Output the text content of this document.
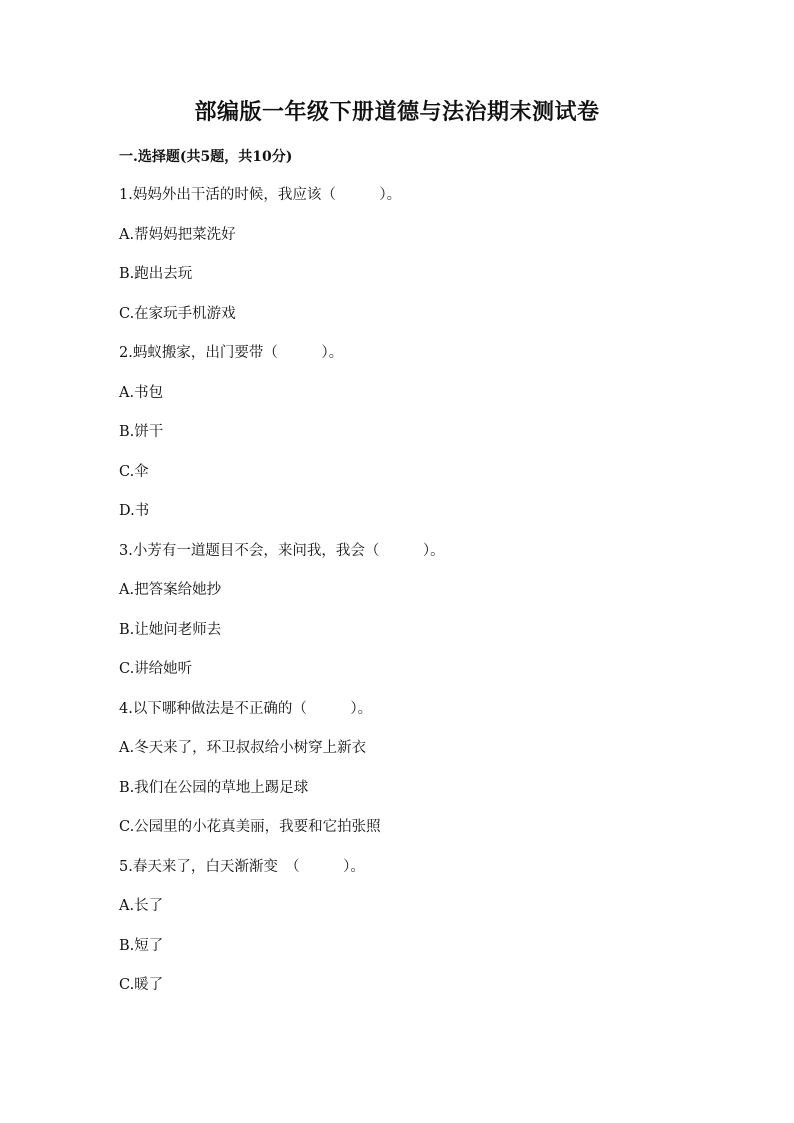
部编版一年级下册道德与法治期末测试卷
一.选择题(共5题，共10分)
1.妈妈外出干活的时候，我应该（　　　）。
A.帮妈妈把菜洗好
B.跑出去玩
C.在家玩手机游戏
2.蚂蚁搬家，出门要带（　　　）。
A.书包
B.饼干
C.伞
D.书
3.小芳有一道题目不会，来问我，我会（　　　）。
A.把答案给她抄
B.让她问老师去
C.讲给她听
4.以下哪种做法是不正确的（　　　）。
A.冬天来了，环卫叔叔给小树穿上新衣
B.我们在公园的草地上踢足球
C.公园里的小花真美丽，我要和它拍张照
5.春天来了，白天渐渐变　（　　　）。
A.长了
B.短了
C.暖了
